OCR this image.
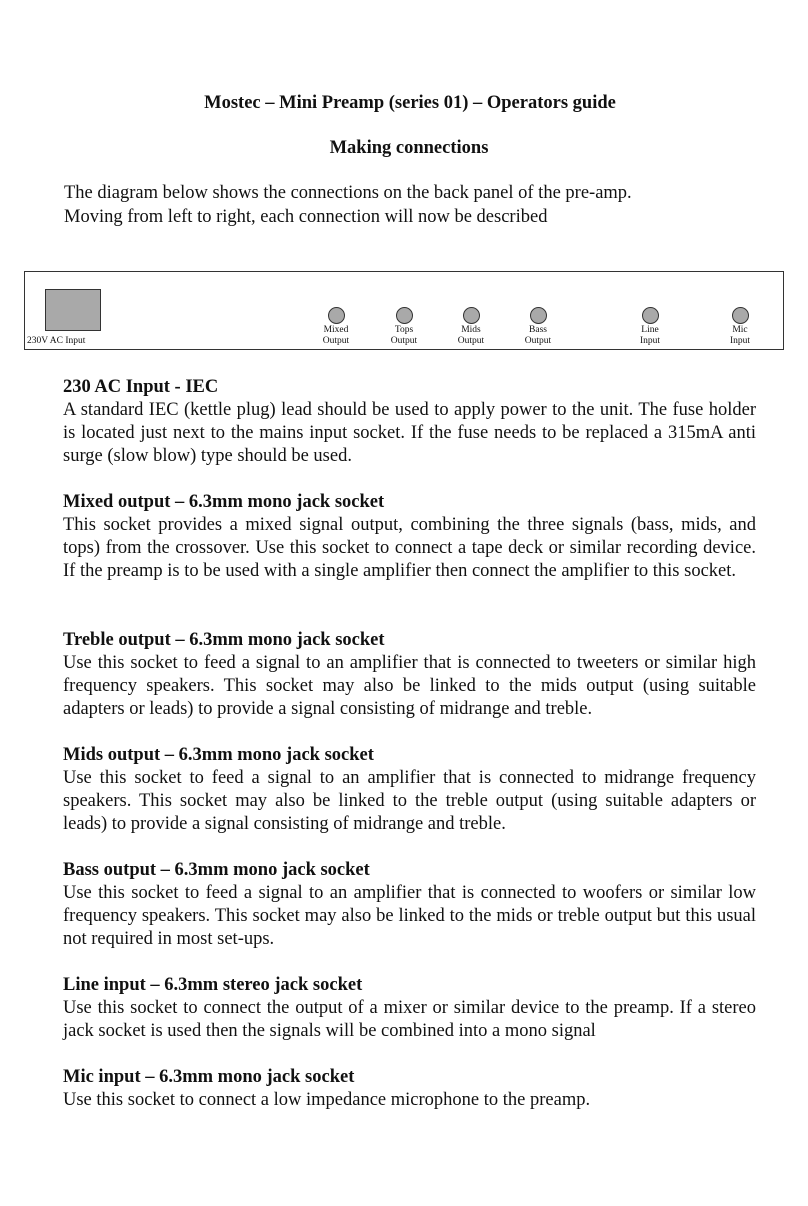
Mostec – Mini Preamp (series 01) – Operators guide
Making connections
The diagram below shows the connections on the back panel of the pre-amp.
Moving from left to right, each connection will now be described
230V AC Input
Mixed
Output
Tops
Output
Mids
Output
Bass
Output
Line
Input
Mic
Input
230 AC Input - IEC

A standard IEC (kettle plug) lead should be used to apply power to the unit. The fuse holder is located just next to the mains input socket. If the fuse needs to be replaced a 315mA anti surge (slow blow) type should be used.

Mixed output – 6.3mm mono jack socket

This socket provides a mixed signal output, combining the three signals (bass, mids, and tops) from the crossover. Use this socket to connect a tape deck or similar recording device. If the preamp is to be used with a single amplifier then connect the amplifier to this socket.

Treble output – 6.3mm mono jack socket

Use this socket to feed a signal to an amplifier that is connected to tweeters or similar high frequency speakers. This socket may also be linked to the mids output (using suitable adapters or leads) to provide a signal consisting of midrange and treble.

Mids output – 6.3mm mono jack socket

Use this socket to feed a signal to an amplifier that is connected to midrange frequency speakers. This socket may also be linked to the treble output (using suitable adapters or leads) to provide a signal consisting of midrange and treble.

Bass output – 6.3mm mono jack socket

Use this socket to feed a signal to an amplifier that is connected to woofers or similar low frequency speakers. This socket may also be linked to the mids or treble output but this usual not required in most set-ups.

Line input – 6.3mm stereo jack socket

Use this socket to connect the output of a mixer or similar device to the preamp. If a stereo jack socket is used then the signals will be combined into a mono signal

Mic input – 6.3mm mono jack socket

Use this socket to connect a low impedance microphone to the preamp.
